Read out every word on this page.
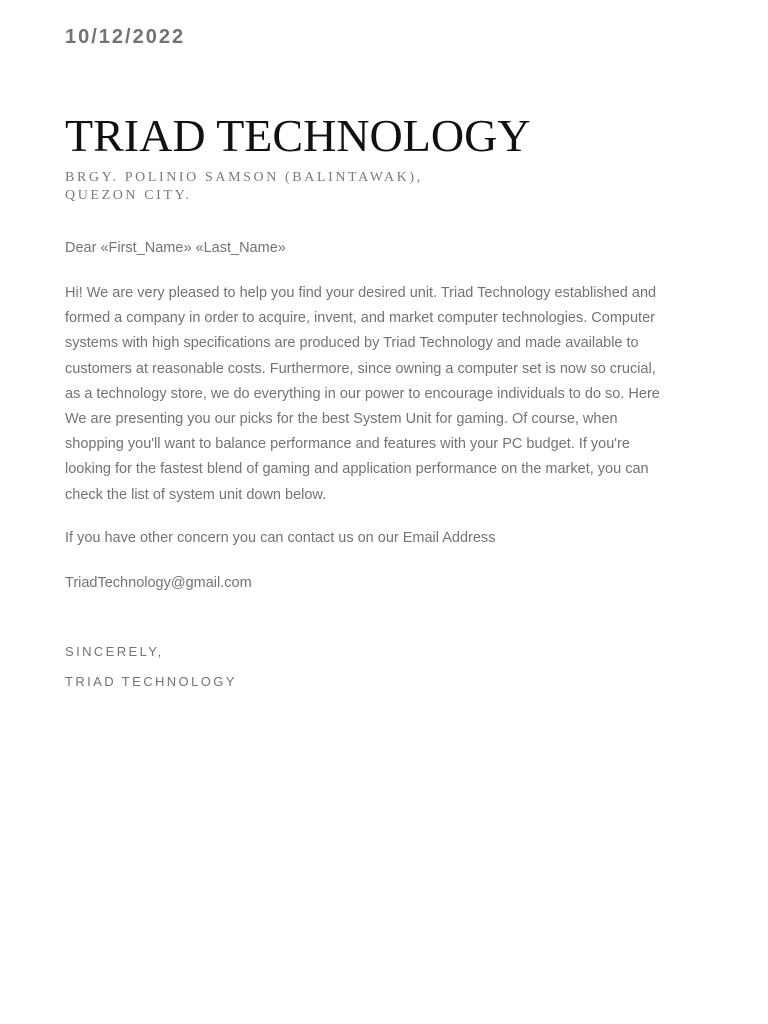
10/12/2022
TRIAD TECHNOLOGY
BRGY. POLINIO SAMSON (BALINTAWAK),
QUEZON CITY.
Dear «First_Name» «Last_Name»
Hi! We are very pleased to help you find your desired unit. Triad Technology established and
formed a company in order to acquire, invent, and market computer technologies. Computer
systems with high specifications are produced by Triad Technology and made available to
customers at reasonable costs. Furthermore, since owning a computer set is now so crucial,
as a technology store, we do everything in our power to encourage individuals to do so. Here
We are presenting you our picks for the best System Unit for gaming. Of course, when
shopping you'll want to balance performance and features with your PC budget. If you're
looking for the fastest blend of gaming and application performance on the market, you can
check the list of system unit down below.
If you have other concern you can contact us on our Email Address
TriadTechnology@gmail.com
SINCERELY,
TRIAD TECHNOLOGY
